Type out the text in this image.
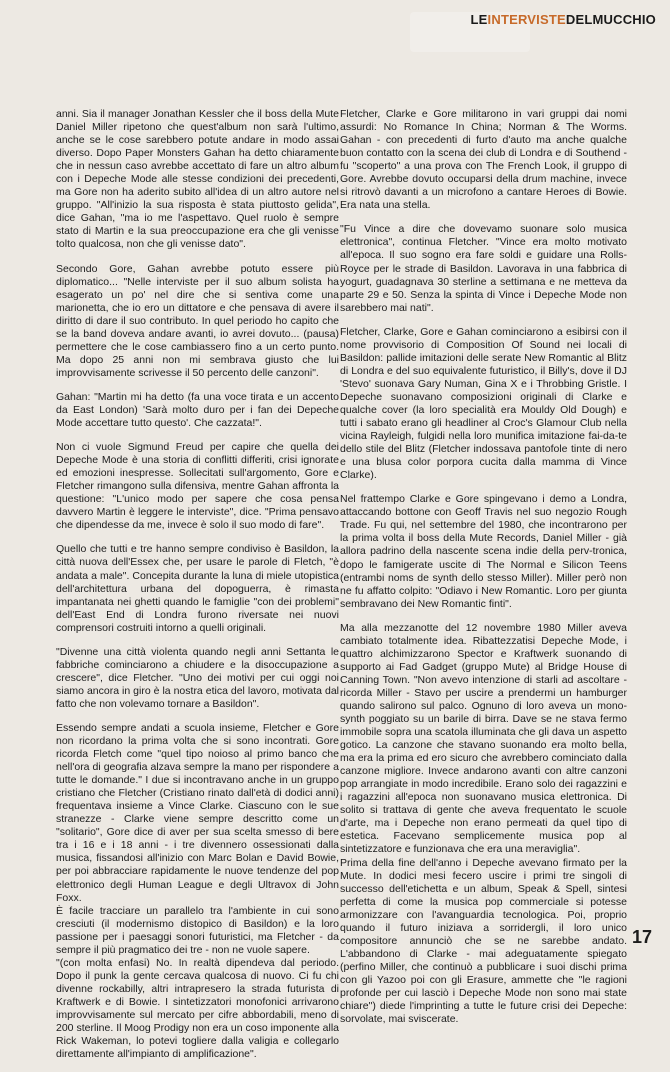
LEINTERVISTEDELMUCCHIO

anni. Sia il manager Jonathan Kessler che il boss della Mute Daniel Miller ripetono che quest'album non sarà l'ultimo, anche se le cose sarebbero potute andare in modo assai diverso. Dopo Paper Monsters Gahan ha detto chiaramente che in nessun caso avrebbe accettato di fare un altro album con i Depeche Mode alle stesse condizioni dei precedenti, ma Gore non ha aderito subito all'idea di un altro autore nel gruppo. "All'inizio la sua risposta è stata piuttosto gelida", dice Gahan, "ma io me l'aspettavo. Quel ruolo è sempre stato di Martin e la sua preoccupazione era che gli venisse tolto qualcosa, non che gli venisse dato".

Secondo Gore, Gahan avrebbe potuto essere più diplomatico... "Nelle interviste per il suo album solista ha esagerato un po' nel dire che si sentiva come una marionetta, che io ero un dittatore e che pensava di avere il diritto di dare il suo contributo. In quel periodo ho capito che se la band doveva andare avanti, io avrei dovuto... (pausa) permettere che le cose cambiassero fino a un certo punto. Ma dopo 25 anni non mi sembrava giusto che lui improvvisamente scrivesse il 50 percento delle canzoni".

Gahan: "Martin mi ha detto (fa una voce tirata e un accento da East London) 'Sarà molto duro per i fan dei Depeche Mode accettare tutto questo'. Che cazzata!".

Non ci vuole Sigmund Freud per capire che quella dei Depeche Mode è una storia di conflitti differiti, crisi ignorate ed emozioni inespresse. Sollecitati sull'argomento, Gore e Fletcher rimangono sulla difensiva, mentre Gahan affronta la questione: "L'unico modo per sapere che cosa pensa davvero Martin è leggere le interviste", dice. "Prima pensavo che dipendesse da me, invece è solo il suo modo di fare".

Quello che tutti e tre hanno sempre condiviso è Basildon, la città nuova dell'Essex che, per usare le parole di Fletch, "è andata a male". Concepita durante la luna di miele utopistica dell'architettura urbana del dopoguerra, è rimasta impantanata nei ghetti quando le famiglie "con dei problemi" dell'East End di Londra furono riversate nei nuovi comprensori costruiti intorno a quelli originali.

"Divenne una città violenta quando negli anni Settanta le fabbriche cominciarono a chiudere e la disoccupazione a crescere", dice Fletcher. "Uno dei motivi per cui oggi noi siamo ancora in giro è la nostra etica del lavoro, motivata dal fatto che non volevamo tornare a Basildon".

Essendo sempre andati a scuola insieme, Fletcher e Gore non ricordano la prima volta che si sono incontrati. Gore ricorda Fletch come "quel tipo noioso al primo banco che nell'ora di geografia alzava sempre la mano per rispondere a tutte le domande." I due si incontravano anche in un gruppo cristiano che Fletcher (Cristiano rinato dall'età di dodici anni) frequentava insieme a Vince Clarke. Ciascuno con le sue stranezze - Clarke viene sempre descritto come un "solitario", Gore dice di aver per sua scelta smesso di bere tra i 16 e i 18 anni - i tre divennero ossessionati dalla musica, fissandosi all'inizio con Marc Bolan e David Bowie, per poi abbracciare rapidamente le nuove tendenze del pop elettronico degli Human League e degli Ultravox di John Foxx.

È facile tracciare un parallelo tra l'ambiente in cui sono cresciuti (il modernismo distopico di Basildon) e la loro passione per i paesaggi sonori futuristici, ma Fletcher - da sempre il più pragmatico dei tre - non ne vuole sapere.

"(con molta enfasi) No. In realtà dipendeva dal periodo. Dopo il punk la gente cercava qualcosa di nuovo. Ci fu chi divenne rockabilly, altri intrapresero la strada futurista di Kraftwerk e di Bowie. I sintetizzatori monofonici arrivarono improvvisamente sul mercato per cifre abbordabili, meno di 200 sterline. Il Moog Prodigy non era un coso imponente alla Rick Wakeman, lo potevi togliere dalla valigia e collegarlo direttamente all'impianto di amplificazione".

Fletcher, Clarke e Gore militarono in vari gruppi dai nomi assurdi: No Romance In China; Norman & The Worms. Gahan - con precedenti di furto d'auto ma anche qualche buon contatto con la scena dei club di Londra e di Southend - fu "scoperto" a una prova con The French Look, il gruppo di Gore. Avrebbe dovuto occuparsi della drum machine, invece si ritrovò davanti a un microfono a cantare Heroes di Bowie. Era nata una stella.

"Fu Vince a dire che dovevamo suonare solo musica elettronica", continua Fletcher. "Vince era molto motivato all'epoca. Il suo sogno era fare soldi e guidare una Rolls-Royce per le strade di Basildon. Lavorava in una fabbrica di yogurt, guadagnava 30 sterline a settimana e ne metteva da parte 29 e 50. Senza la spinta di Vince i Depeche Mode non sarebbero mai nati".

Fletcher, Clarke, Gore e Gahan cominciarono a esibirsi con il nome provvisorio di Composition Of Sound nei locali di Basildon: pallide imitazioni delle serate New Romantic al Blitz di Londra e del suo equivalente futuristico, il Billy's, dove il DJ 'Stevo' suonava Gary Numan, Gina X e i Throbbing Gristle. I Depeche suonavano composizioni originali di Clarke e qualche cover (la loro specialità era Mouldy Old Dough) e tutti i sabato erano gli headliner al Croc's Glamour Club nella vicina Rayleigh, fulgidi nella loro munifica imitazione fai-da-te dello stile del Blitz (Fletcher indossava pantofole tinte di nero e una blusa color porpora cucita dalla mamma di Vince Clarke).

Nel frattempo Clarke e Gore spingevano i demo a Londra, attaccando bottone con Geoff Travis nel suo negozio Rough Trade. Fu qui, nel settembre del 1980, che incontrarono per la prima volta il boss della Mute Records, Daniel Miller - già allora padrino della nascente scena indie della perv-tronica, dopo le famigerate uscite di The Normal e Silicon Teens (entrambi noms de synth dello stesso Miller). Miller però non ne fu affatto colpito: "Odiavo i New Romantic. Loro per giunta sembravano dei New Romantic finti".

Ma alla mezzanotte del 12 novembre 1980 Miller aveva cambiato totalmente idea. Ribattezzatisi Depeche Mode, i quattro alchimizzarono Spector e Kraftwerk suonando di supporto ai Fad Gadget (gruppo Mute) al Bridge House di Canning Town. "Non avevo intenzione di starli ad ascoltare - ricorda Miller - Stavo per uscire a prendermi un hamburger quando salirono sul palco. Ognuno di loro aveva un mono-synth poggiato su un barile di birra. Dave se ne stava fermo immobile sopra una scatola illuminata che gli dava un aspetto gotico. La canzone che stavano suonando era molto bella, ma era la prima ed ero sicuro che avrebbero cominciato dalla canzone migliore. Invece andarono avanti con altre canzoni pop arrangiate in modo incredibile. Erano solo dei ragazzini e i ragazzini all'epoca non suonavano musica elettronica. Di solito si trattava di gente che aveva frequentato le scuole d'arte, ma i Depeche non erano permeati da quel tipo di estetica. Facevano semplicemente musica pop al sintetizzatore e funzionava che era una meraviglia".

Prima della fine dell'anno i Depeche avevano firmato per la Mute. In dodici mesi fecero uscire i primi tre singoli di successo dell'etichetta e un album, Speak & Spell, sintesi perfetta di come la musica pop commerciale si potesse armonizzare con l'avanguardia tecnologica. Poi, proprio quando il futuro iniziava a sorridergli, il loro unico compositore annunciò che se ne sarebbe andato. L'abbandono di Clarke - mai adeguatamente spiegato (perfino Miller, che continuò a pubblicare i suoi dischi prima con gli Yazoo poi con gli Erasure, ammette che "le ragioni profonde per cui lasciò i Depeche Mode non sono mai state chiare") diede l'imprinting a tutte le future crisi dei Depeche: sorvolate, mai sviscerate.

17
